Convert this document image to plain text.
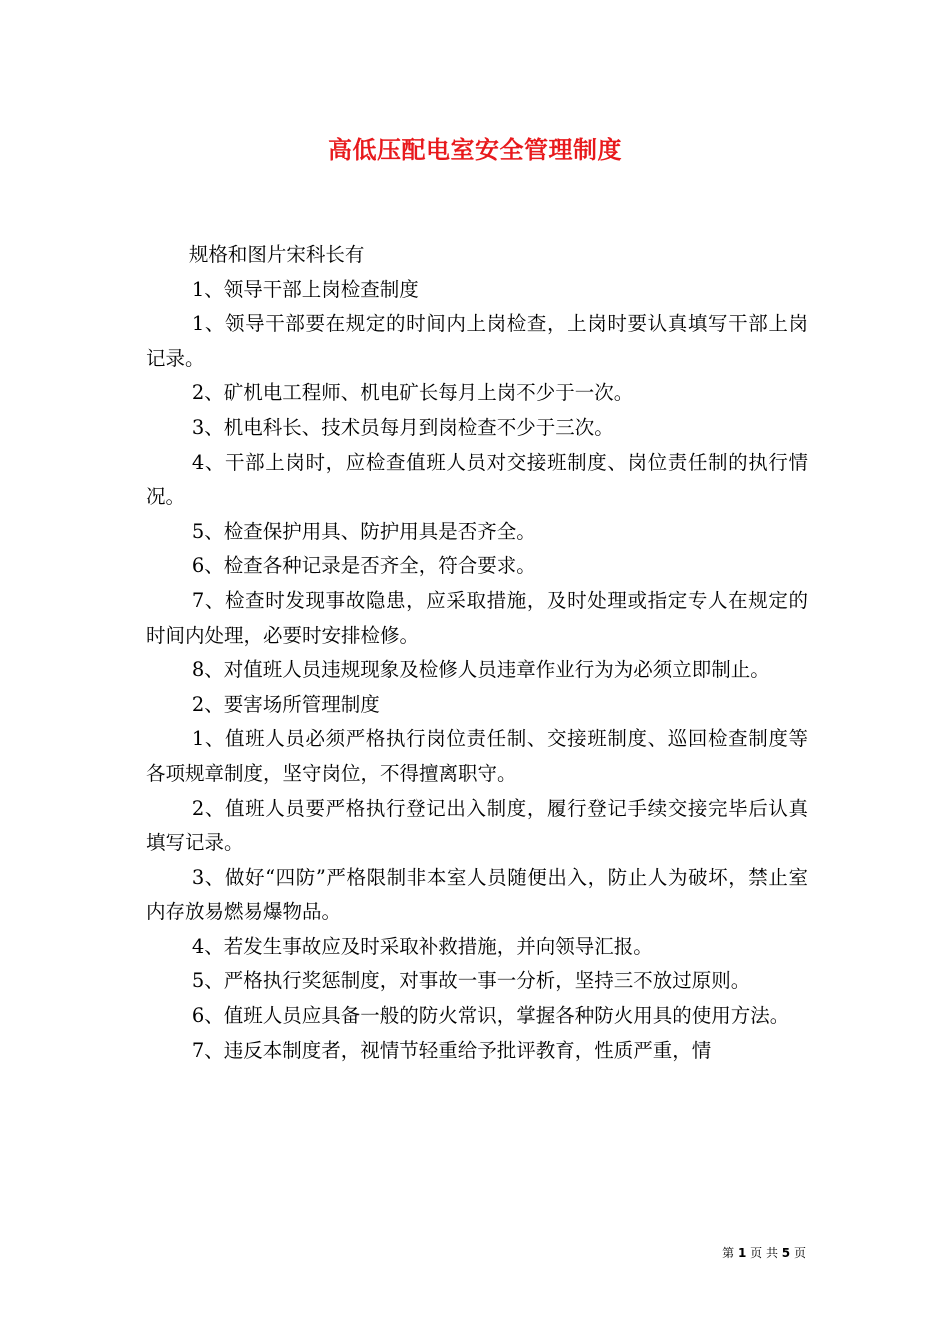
高低压配电室安全管理制度

规格和图片宋科长有

1、领导干部上岗检查制度

1、领导干部要在规定的时间内上岗检查，上岗时要认真填写干部上岗记录。

2、矿机电工程师、机电矿长每月上岗不少于一次。

3、机电科长、技术员每月到岗检查不少于三次。

4、干部上岗时，应检查值班人员对交接班制度、岗位责任制的执行情况。

5、检查保护用具、防护用具是否齐全。

6、检查各种记录是否齐全，符合要求。

7、检查时发现事故隐患，应采取措施，及时处理或指定专人在规定的时间内处理，必要时安排检修。

8、对值班人员违规现象及检修人员违章作业行为为必须立即制止。

2、要害场所管理制度

1、值班人员必须严格执行岗位责任制、交接班制度、巡回检查制度等各项规章制度，坚守岗位，不得擅离职守。

2、值班人员要严格执行登记出入制度，履行登记手续交接完毕后认真填写记录。

3、做好“四防”严格限制非本室人员随便出入，防止人为破坏，禁止室内存放易燃易爆物品。

4、若发生事故应及时采取补救措施，并向领导汇报。

5、严格执行奖惩制度，对事故一事一分析，坚持三不放过原则。

6、值班人员应具备一般的防火常识，掌握各种防火用具的使用方法。

7、违反本制度者，视情节轻重给予批评教育，性质严重，情

第 1 页 共 5 页
